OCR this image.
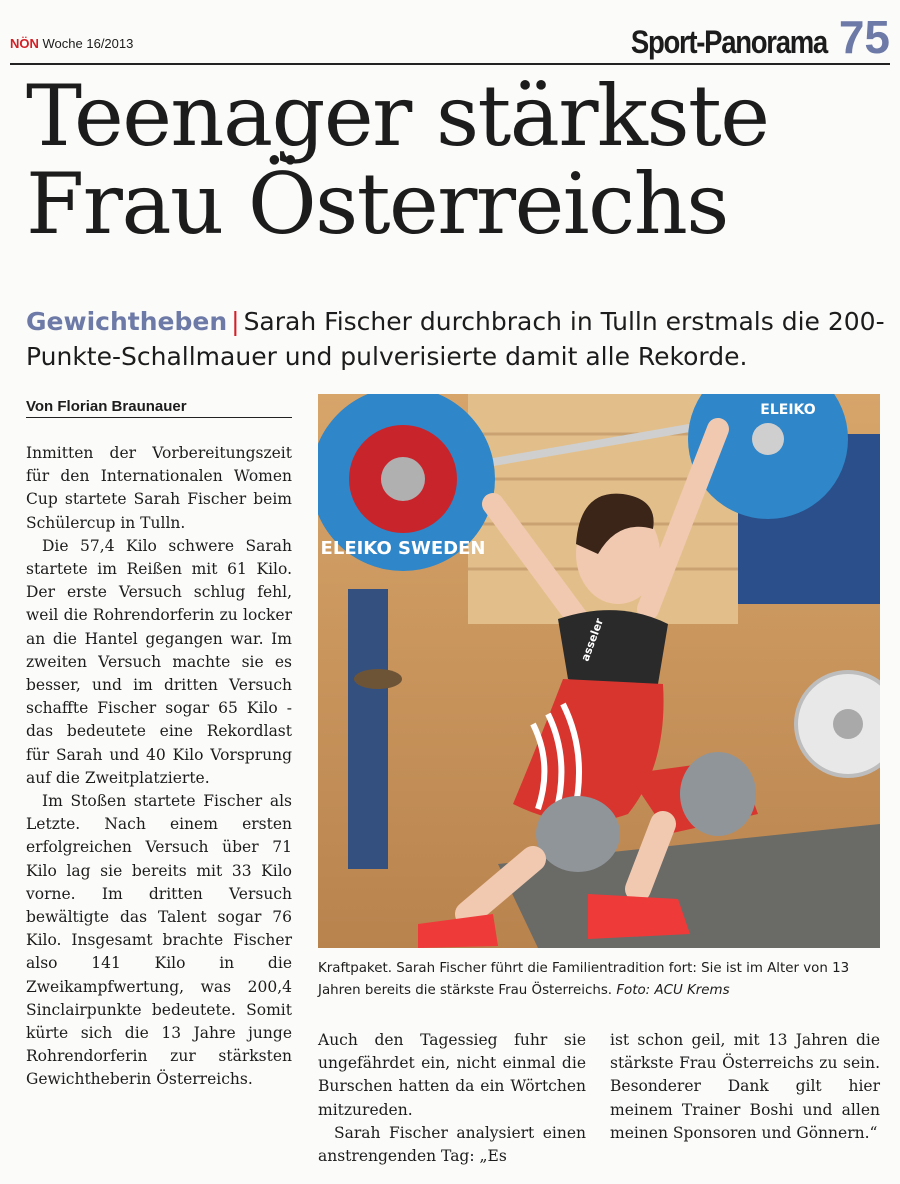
NÖN Woche 16/2013	Sport-Panorama 75
Teenager stärkste
Frau Österreichs
Gewichtheben | Sarah Fischer durchbrach in Tulln erstmals die 200-Punkte-Schallmauer und pulverisierte damit alle Rekorde.
Von Florian Braunauer

Inmitten der Vorbereitungszeit für den Internationalen Women Cup startete Sarah Fischer beim Schülercup in Tulln.

Die 57,4 Kilo schwere Sarah startete im Reißen mit 61 Kilo. Der erste Versuch schlug fehl, weil die Rohrendorferin zu locker an die Hantel gegangen war. Im zweiten Versuch machte sie es besser, und im dritten Versuch schaffte Fischer sogar 65 Kilo - das bedeutete eine Rekordlast für Sarah und 40 Kilo Vorsprung auf die Zweitplatzierte.

Im Stoßen startete Fischer als Letzte. Nach einem ersten erfolgreichen Versuch über 71 Kilo lag sie bereits mit 33 Kilo vorne. Im dritten Versuch bewältigte das Talent sogar 76 Kilo. Insgesamt brachte Fischer also 141 Kilo in die Zweikampfwertung, was 200,4 Sinclairpunkte bedeutete. Somit kürte sich die 13 Jahre junge Rohrendorferin zur stärksten Gewichtheberin Österreichs.

ELEIKO SWEDEN
ELEIKO
asseler
Kraftpaket. Sarah Fischer führt die Familientradition fort: Sie ist im Alter von 13 Jahren bereits die stärkste Frau Österreichs. Foto: ACU Krems

Auch den Tagessieg fuhr sie ungefährdet ein, nicht einmal die Burschen hatten da ein Wörtchen mitzureden.

Sarah Fischer analysiert einen anstrengenden Tag: „Es

ist schon geil, mit 13 Jahren die stärkste Frau Österreichs zu sein. Besonderer Dank gilt hier meinem Trainer Boshi und allen meinen Sponsoren und Gönnern.“
